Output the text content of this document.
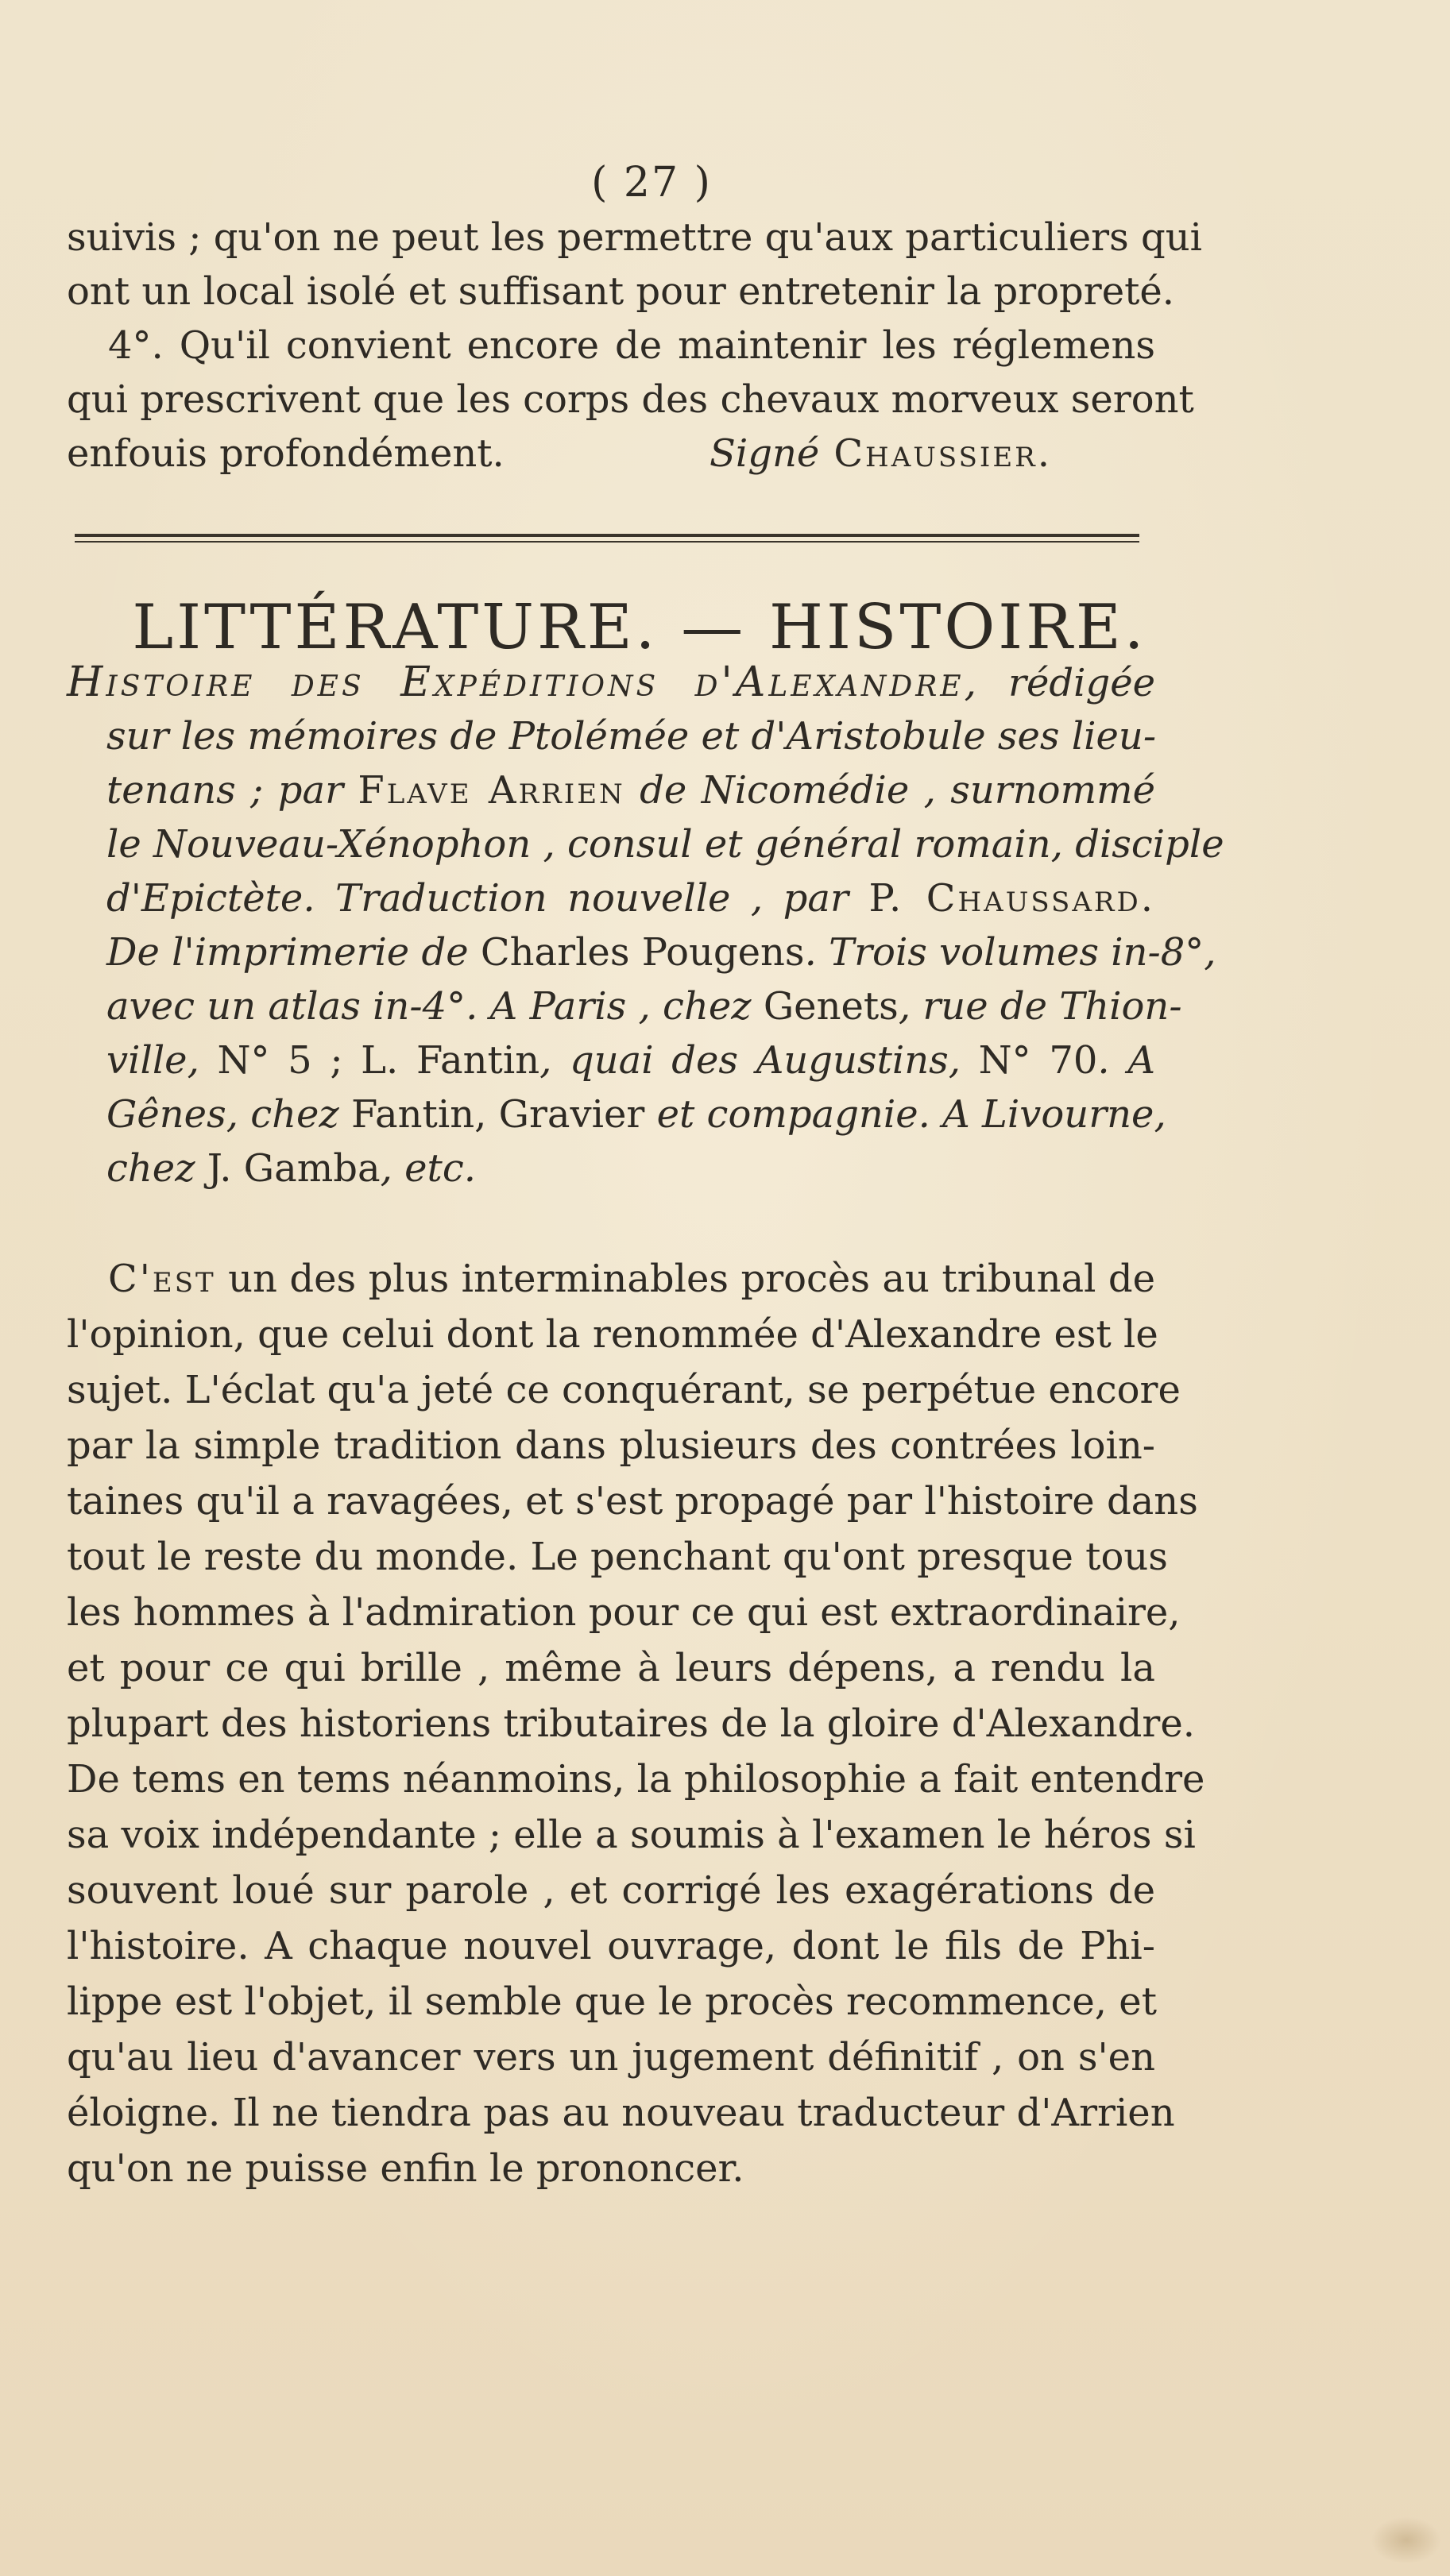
( 27 )
suivis ; qu'on ne peut les permettre qu'aux particuliers qui
ont un local isolé et suffisant pour entretenir la propreté.
4°. Qu'il convient encore de maintenir les réglemens
qui prescrivent que les corps des chevaux morveux seront
enfouis profondément.	Signé Chaussier.
LITTÉRATURE. — HISTOIRE.
Histoire des Expéditions d'Alexandre, rédigée
sur les mémoires de Ptolémée et d'Aristobule ses lieu-
tenans ; par Flave Arrien de Nicomédie , surnommé
le Nouveau-Xénophon , consul et général romain, disciple
d'Epictète. Traduction nouvelle , par P. Chaussard.
De l'imprimerie de Charles Pougens. Trois volumes in-8°,
avec un atlas in-4°. A Paris , chez Genets, rue de Thion-
ville, N° 5 ; L. Fantin, quai des Augustins, N° 70. A
Gênes, chez Fantin, Gravier et compagnie. A Livourne,
chez J. Gamba, etc.
C'est un des plus interminables procès au tribunal de
l'opinion, que celui dont la renommée d'Alexandre est le
sujet. L'éclat qu'a jeté ce conquérant, se perpétue encore
par la simple tradition dans plusieurs des contrées loin-
taines qu'il a ravagées, et s'est propagé par l'histoire dans
tout le reste du monde. Le penchant qu'ont presque tous
les hommes à l'admiration pour ce qui est extraordinaire,
et pour ce qui brille , même à leurs dépens, a rendu la
plupart des historiens tributaires de la gloire d'Alexandre.
De tems en tems néanmoins, la philosophie a fait entendre
sa voix indépendante ; elle a soumis à l'examen le héros si
souvent loué sur parole , et corrigé les exagérations de
l'histoire. A chaque nouvel ouvrage, dont le fils de Phi-
lippe est l'objet, il semble que le procès recommence, et
qu'au lieu d'avancer vers un jugement définitif , on s'en
éloigne. Il ne tiendra pas au nouveau traducteur d'Arrien
qu'on ne puisse enfin le prononcer.
